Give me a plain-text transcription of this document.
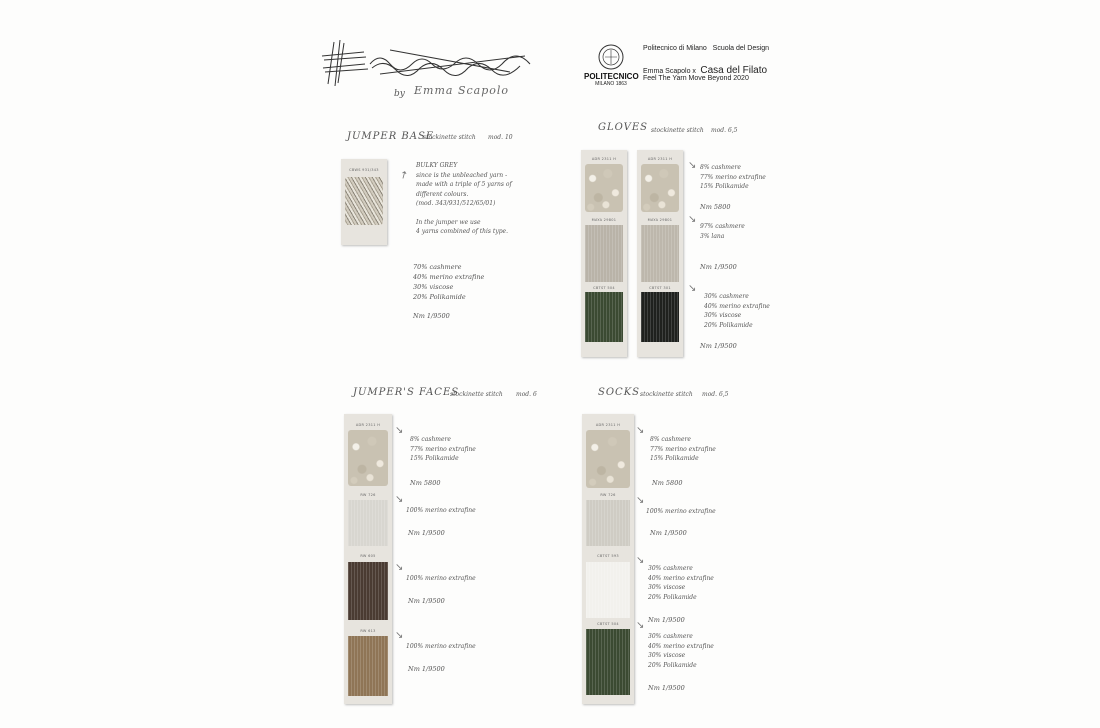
by Emma Scapolo
POLITECNICO
MILANO 1863
Politecnico di Milano   Scuola del Design
Emma Scapolo x Casa del Filato
Feel The Yarn Move Beyond 2020
JUMPER BASE
stockinette stitch mod. 10
CBWS 931/343
BULKY GREY
since is the unbleached yarn -
made with a triple of 5 yarns of
different colours.
(mod. 343/931/512/65/01)
In the jumper we use
4 yarns combined of this type.
↗
70% cashmere
40% merino extrafine
30% viscose
20% Polikamide
Nm 1/9500
GLOVES stockinette stitch mod. 6,5
ADR 2311 H
MAYA 29801
CBTST 504
ADR 2311 H
MAYA 29801
CBTST 301
↘ 8% cashmere
77% merino extrafine
15% Polikamide
Nm 5800
↘
97% cashmere
3% lana
Nm 1/9500
↘
30% cashmere
40% merino extrafine
30% viscose
20% Polikamide
Nm 1/9500
JUMPER'S FACES
stockinette stitch mod. 6
ADR 2311 H
RW 726
RW 605
RW 613
↘
8% cashmere
77% merino extrafine
15% Polikamide
Nm 5800
↘
100% merino extrafine
Nm 1/9500
↘
100% merino extrafine
Nm 1/9500
↘
100% merino extrafine
Nm 1/9500
SOCKS stockinette stitch mod. 6,5
ADR 2311 H
RW 726
CBTST 593
CBTST 504
↘
8% cashmere
77% merino extrafine
15% Polikamide
Nm 5800
↘
100% merino extrafine
Nm 1/9500
↘
30% cashmere
40% merino extrafine
30% viscose
20% Polikamide
Nm 1/9500
↘
30% cashmere
40% merino extrafine
30% viscose
20% Polikamide
Nm 1/9500
